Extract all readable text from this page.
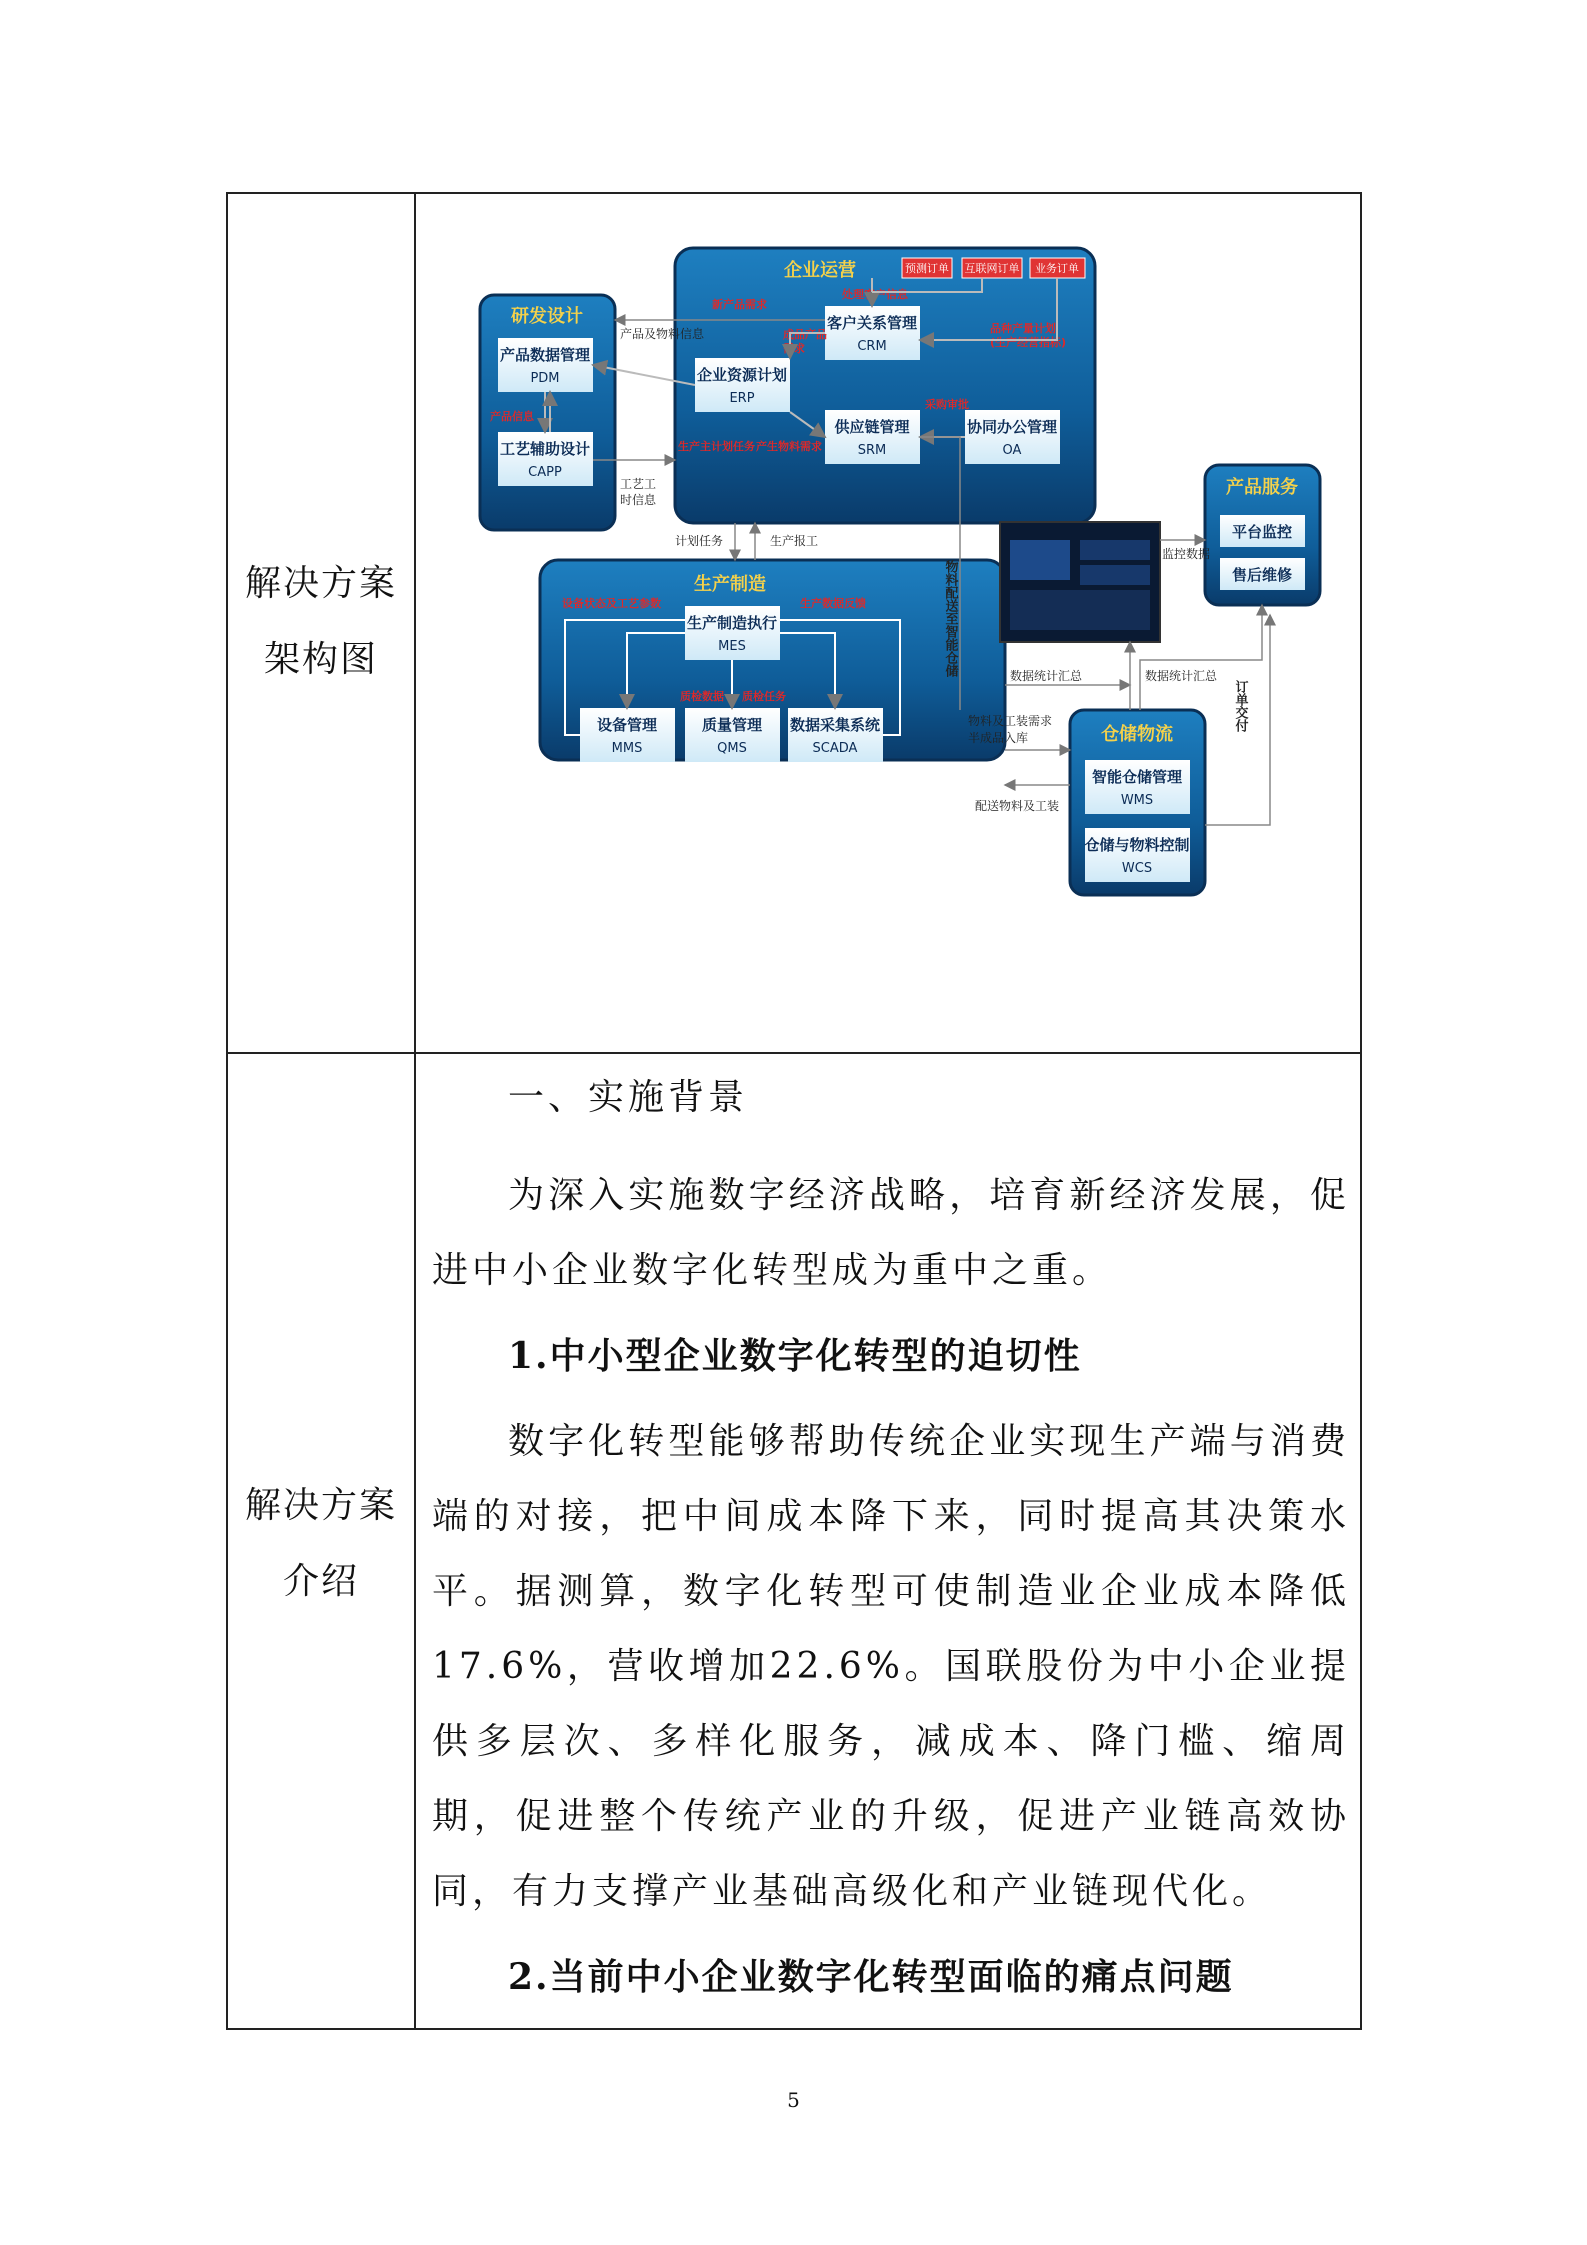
解决方案
架构图
解决方案
介绍
研发设计
企业运营
生产制造
产品服务
仓储物流
预测订单 互联网订单 业务订单
产品数据管理
PDM
工艺辅助设计
CAPP
产品信息
客户关系管理
CRM
企业资源计划
ERP
供应链管理
SRM
协同办公管理
OA
新产品需求
处理客户信息
成品产品
需求
品种产量计划
(生产经营指标)
采购审批
生产主计划任务 产生物料需求
产品及物料信息
工艺工
时信息
计划任务	生产报工
生产制造执行
MES
设备管理
MMS
质量管理
QMS
数据采集系统
SCADA
设备状态及工艺参数	生产数据反馈
质检数据 质检任务
监控数据
平台监控
售后维修
智能仓储管理
WMS
仓储与物料控制
WCS
数据统计汇总	数据统计汇总
物料及工装需求
半成品入库
配送物料及工装
物料配送至智能仓储
订单交付

一、实施背景

为深入实施数字经济战略，培育新经济发展，促进中小企业数字化转型成为重中之重。

1.中小型企业数字化转型的迫切性

数字化转型能够帮助传统企业实现生产端与消费端的对接，把中间成本降下来，同时提高其决策水平。据测算，数字化转型可使制造业企业成本降低17.6%，营收增加22.6%。国联股份为中小企业提供多层次、多样化服务，减成本、降门槛、缩周期，促进整个传统产业的升级，促进产业链高效协同，有力支撑产业基础高级化和产业链现代化。

2.当前中小企业数字化转型面临的痛点问题

5
